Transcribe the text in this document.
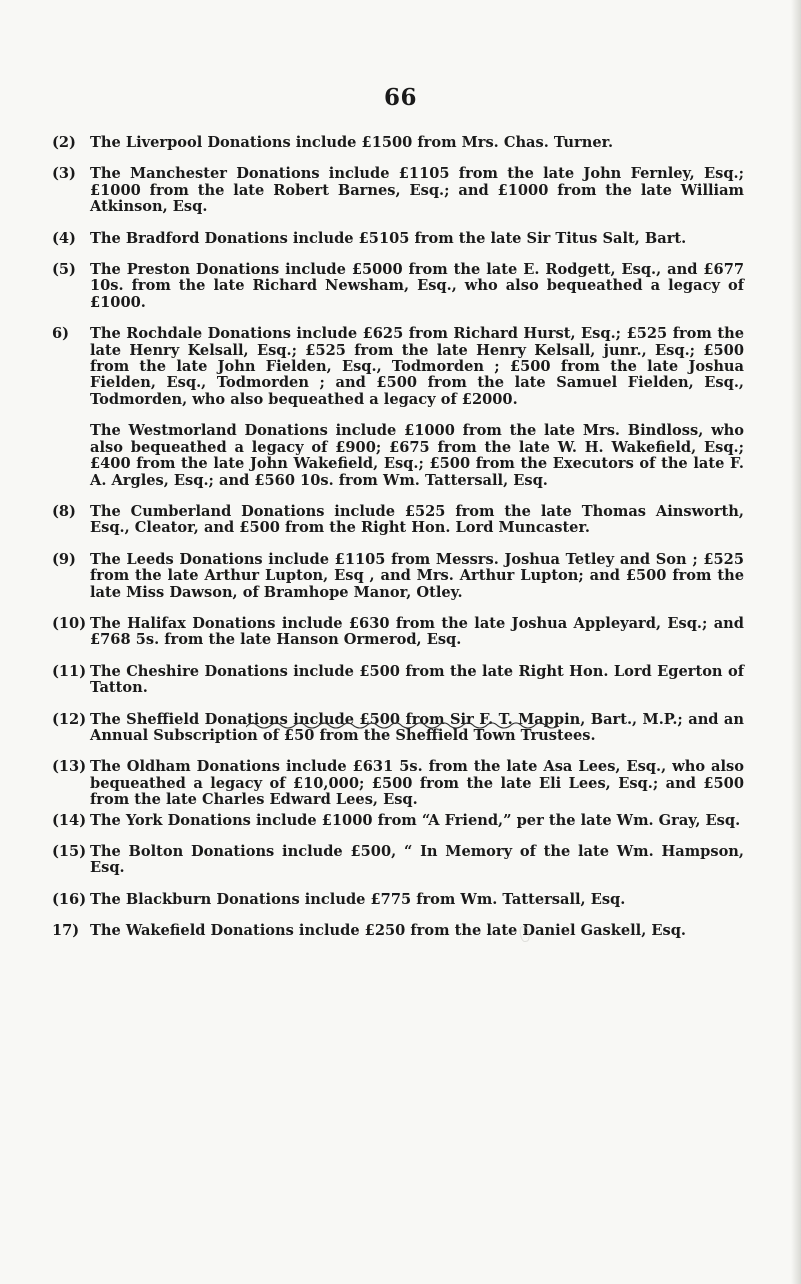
66

(2) The Liverpool Donations include £1500 from Mrs. Chas. Turner.

(3) The Manchester Donations include £1105 from the late John Fernley, Esq.; £1000 from the late Robert Barnes, Esq.; and £1000 from the late William Atkinson, Esq.

(4) The Bradford Donations include £5105 from the late Sir Titus Salt, Bart.

(5) The Preston Donations include £5000 from the late E. Rodgett, Esq., and £677 10s. from the late Richard Newsham, Esq., who also bequeathed a legacy of £1000.

6) The Rochdale Donations include £625 from Richard Hurst, Esq.; £525 from the late Henry Kelsall, Esq.; £525 from the late Henry Kelsall, junr., Esq.; £500 from the late John Fielden, Esq., Todmorden ; £500 from the late Joshua Fielden, Esq., Todmorden ; and £500 from the late Samuel Fielden, Esq., Todmorden, who also bequeathed a legacy of £2000.

The Westmorland Donations include £1000 from the late Mrs. Bindloss, who also bequeathed a legacy of £900; £675 from the late W. H. Wakefield, Esq.; £400 from the late John Wakefield, Esq.; £500 from the Executors of the late F. A. Argles, Esq.; and £560 10s. from Wm. Tattersall, Esq.

(8) The Cumberland Donations include £525 from the late Thomas Ainsworth, Esq., Cleator, and £500 from the Right Hon. Lord Muncaster.

(9) The Leeds Donations include £1105 from Messrs. Joshua Tetley and Son ; £525 from the late Arthur Lupton, Esq , and Mrs. Arthur Lupton; and £500 from the late Miss Dawson, of Bramhope Manor, Otley.

(10) The Halifax Donations include £630 from the late Joshua Appleyard, Esq.; and £768 5s. from the late Hanson Ormerod, Esq.

(11) The Cheshire Donations include £500 from the late Right Hon. Lord Egerton of Tatton.

(12) The Sheffield Donations include £500 from Sir F. T. Mappin, Bart., M.P.; and an Annual Subscription of £50 from the Sheffield Town Trustees.

(13) The Oldham Donations include £631 5s. from the late Asa Lees, Esq., who also bequeathed a legacy of £10,000; £500 from the late Eli Lees, Esq.; and £500 from the late Charles Edward Lees, Esq.

(14) The York Donations include £1000 from “A Friend,” per the late Wm. Gray, Esq.

(15) The Bolton Donations include £500, “ In Memory of the late Wm. Hampson, Esq.

(16) The Blackburn Donations include £775 from Wm. Tattersall, Esq.

17) The Wakefield Donations include £250 from the late Daniel Gaskell, Esq.
